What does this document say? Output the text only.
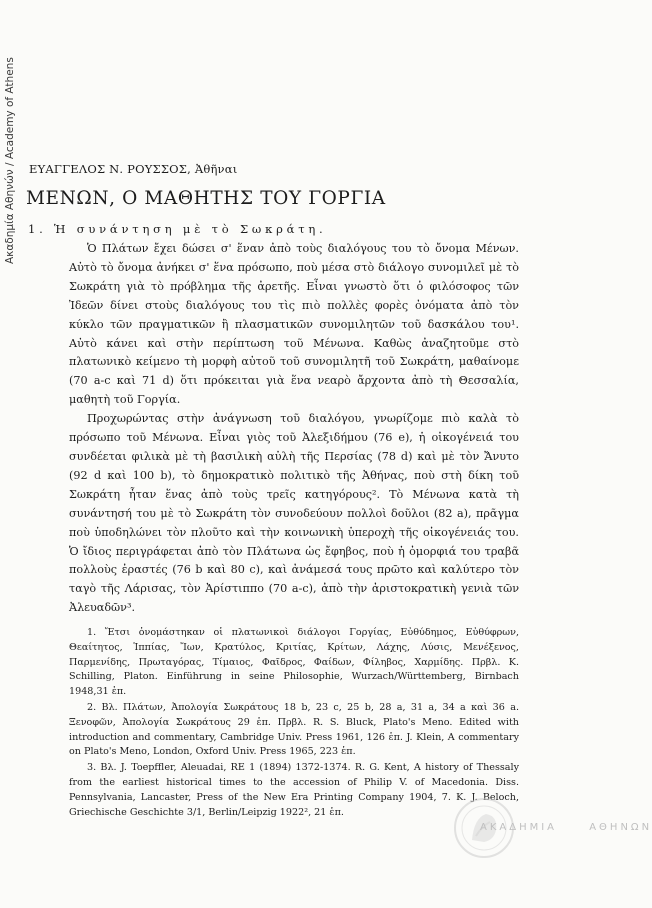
Ακαδημία Αθηνών / Academy of Athens ΕΥΑΓΓΕΛΟΣ Ν. ΡΟΥΣΣΟΣ, Ἀθῆναι
ΜΕΝΩΝ, Ο ΜΑΘΗΤΗΣ ΤΟΥ ΓΟΡΓΙΑ
1. Ἡ συνάντηση μὲ τὸ Σωκράτη.

Ὁ Πλάτων ἔχει δώσει σ' ἕναν ἀπὸ τοὺς διαλόγους του τὸ ὄνομα Μένων. Αὐτὸ τὸ ὄνομα ἀνήκει σ' ἕνα πρόσωπο, ποὺ μέσα στὸ διάλογο συνομιλεῖ μὲ τὸ Σωκράτη γιὰ τὸ πρόβλημα τῆς ἀρετῆς. Εἶναι γνωστὸ ὅτι ὁ φιλόσοφος τῶν Ἰδεῶν δίνει στοὺς διαλόγους του τὶς πιὸ πολλὲς φορὲς ὀνόματα ἀπὸ τὸν κύκλο τῶν πραγματικῶν ἢ πλασματικῶν συνομιλητῶν τοῦ δασκάλου του¹. Αὐτὸ κάνει καὶ στὴν περίπτωση τοῦ Μένωνα. Καθὼς ἀναζητοῦμε στὸ πλατωνικὸ κείμενο τὴ μορφὴ αὐτοῦ τοῦ συνομιλητῆ τοῦ Σωκράτη, μαθαίνομε (70 a-c καὶ 71 d) ὅτι πρόκειται γιὰ ἕνα νεαρὸ ἄρχοντα ἀπὸ τὴ Θεσσαλία, μαθητὴ τοῦ Γοργία.

Προχωρώντας στὴν ἀνάγνωση τοῦ διαλόγου, γνωρίζομε πιὸ καλὰ τὸ πρόσωπο τοῦ Μένωνα. Εἶναι γιὸς τοῦ Ἀλεξιδήμου (76 e), ἡ οἰκογένειά του συνδέεται φιλικὰ μὲ τὴ βασιλικὴ αὐλὴ τῆς Περσίας (78 d) καὶ μὲ τὸν Ἄνυτο (92 d καὶ 100 b), τὸ δημοκρατικὸ πολιτικὸ τῆς Ἀθήνας, ποὺ στὴ δίκη τοῦ Σωκράτη ἦταν ἕνας ἀπὸ τοὺς τρεῖς κατηγόρους². Τὸ Μένωνα κατὰ τὴ συνάντησή του μὲ τὸ Σωκράτη τὸν συνοδεύουν πολλοὶ δοῦλοι (82 a), πρᾶγμα ποὺ ὑποδηλώνει τὸν πλοῦτο καὶ τὴν κοινωνικὴ ὑπεροχὴ τῆς οἰκογένειάς του. Ὁ ἴδιος περιγράφεται ἀπὸ τὸν Πλάτωνα ὡς ἔφηβος, ποὺ ἡ ὀμορφιά του τραβᾶ πολλοὺς ἐραστές (76 b καὶ 80 c), καὶ ἀνάμεσά τους πρῶτο καὶ καλύτερο τὸν ταγὸ τῆς Λάρισας, τὸν Ἀρίστιππο (70 a-c), ἀπὸ τὴν ἀριστοκρατικὴ γενιὰ τῶν Ἀλευαδῶν³.

1. Ἔτσι ὀνομάστηκαν οἱ πλατωνικοὶ διάλογοι Γοργίας, Εὐθύδημος, Εὐθύφρων, Θεαίτητος, Ἱππίας, Ἴων, Κρατύλος, Κριτίας, Κρίτων, Λάχης, Λύσις, Μενέξενος, Παρμενίδης, Πρωταγόρας, Τίμαιος, Φαῖδρος, Φαίδων, Φίληβος, Χαρμίδης. Πρβλ. K. Schilling, Platon. Einführung in seine Philosophie, Wurzach/Württemberg, Birnbach 1948,31 ἑπ.

2. Βλ. Πλάτων, Ἀπολογία Σωκράτους 18 b, 23 c, 25 b, 28 a, 31 a, 34 a καὶ 36 a. Ξενοφῶν, Ἀπολογία Σωκράτους 29 ἑπ. Πρβλ. R. S. Bluck, Plato's Meno. Edited with introduction and commentary, Cambridge Univ. Press 1961, 126 ἑπ. J. Klein, A commentary on Plato's Meno, London, Oxford Univ. Press 1965, 223 ἑπ.

3. Βλ. J. Toepffler, Aleuadai, RE 1 (1894) 1372-1374. R. G. Kent, A history of Thessaly from the earliest historical times to the accession of Philip V. of Macedonia. Diss. Pennsylvania, Lancaster, Press of the New Era Printing Company 1904, 7. K. J. Beloch, Griechische Geschichte 3/1, Berlin/Leipzig 1922², 21 ἑπ.

ΑΚΑΔΗΜΙΑ	ΑΘΗΝΩΝ
